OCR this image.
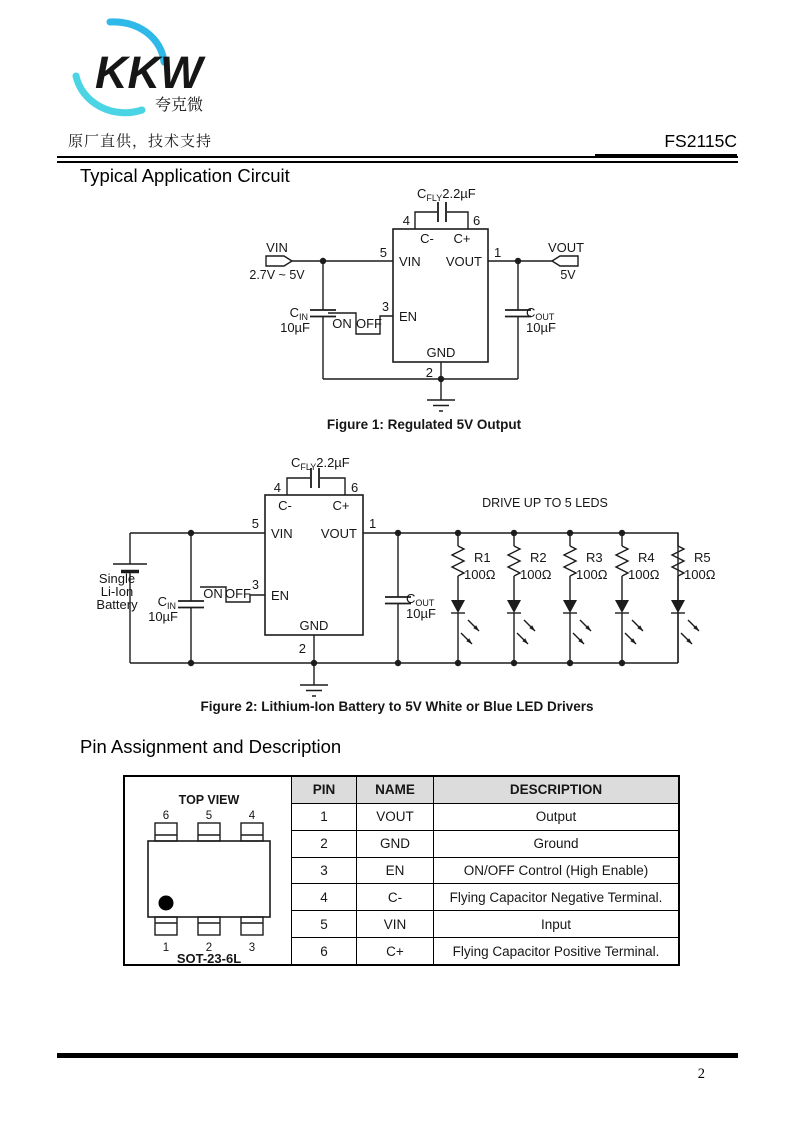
KKW
夸克微
原厂直供，技术支持	FS2115C
Typical Application Circuit
$C_{FLY}2.2\mu F$
4	6
C- C+
5	1
VIN VOUT
EN
3
GND
2
VIN
2.7V ~ 5V
VOUT
5V
$C_{IN}$
10µF
$C_{OUT}$
10µF
ON OFF
Figure 1: Regulated 5V Output
$C_{FLY}2.2\mu F$
4	6
C-	C+
5	1
VIN VOUT
EN
3
GND
2
ON OFF
Single
Li-Ion
Battery $C_{IN}$
10µF
$C_{OUT}$
10µF
DRIVE UP TO 5 LEDS
R1
100Ω
R2
100Ω
R3
100Ω
R4
100Ω
R5
100Ω
Figure 2: Lithium-Ion Battery to 5V White or Blue LED Drivers
Pin Assignment and Description
TOP VIEW
6	5	4
1	2	3
SOT-23-6L
PIN	NAME	DESCRIPTION
1	VOUT	Output
2	GND	Ground
3	EN	ON/OFF Control (High Enable)
4	C-	Flying Capacitor Negative Terminal.
5	VIN	Input
6	C+	Flying Capacitor Positive Terminal.
2
